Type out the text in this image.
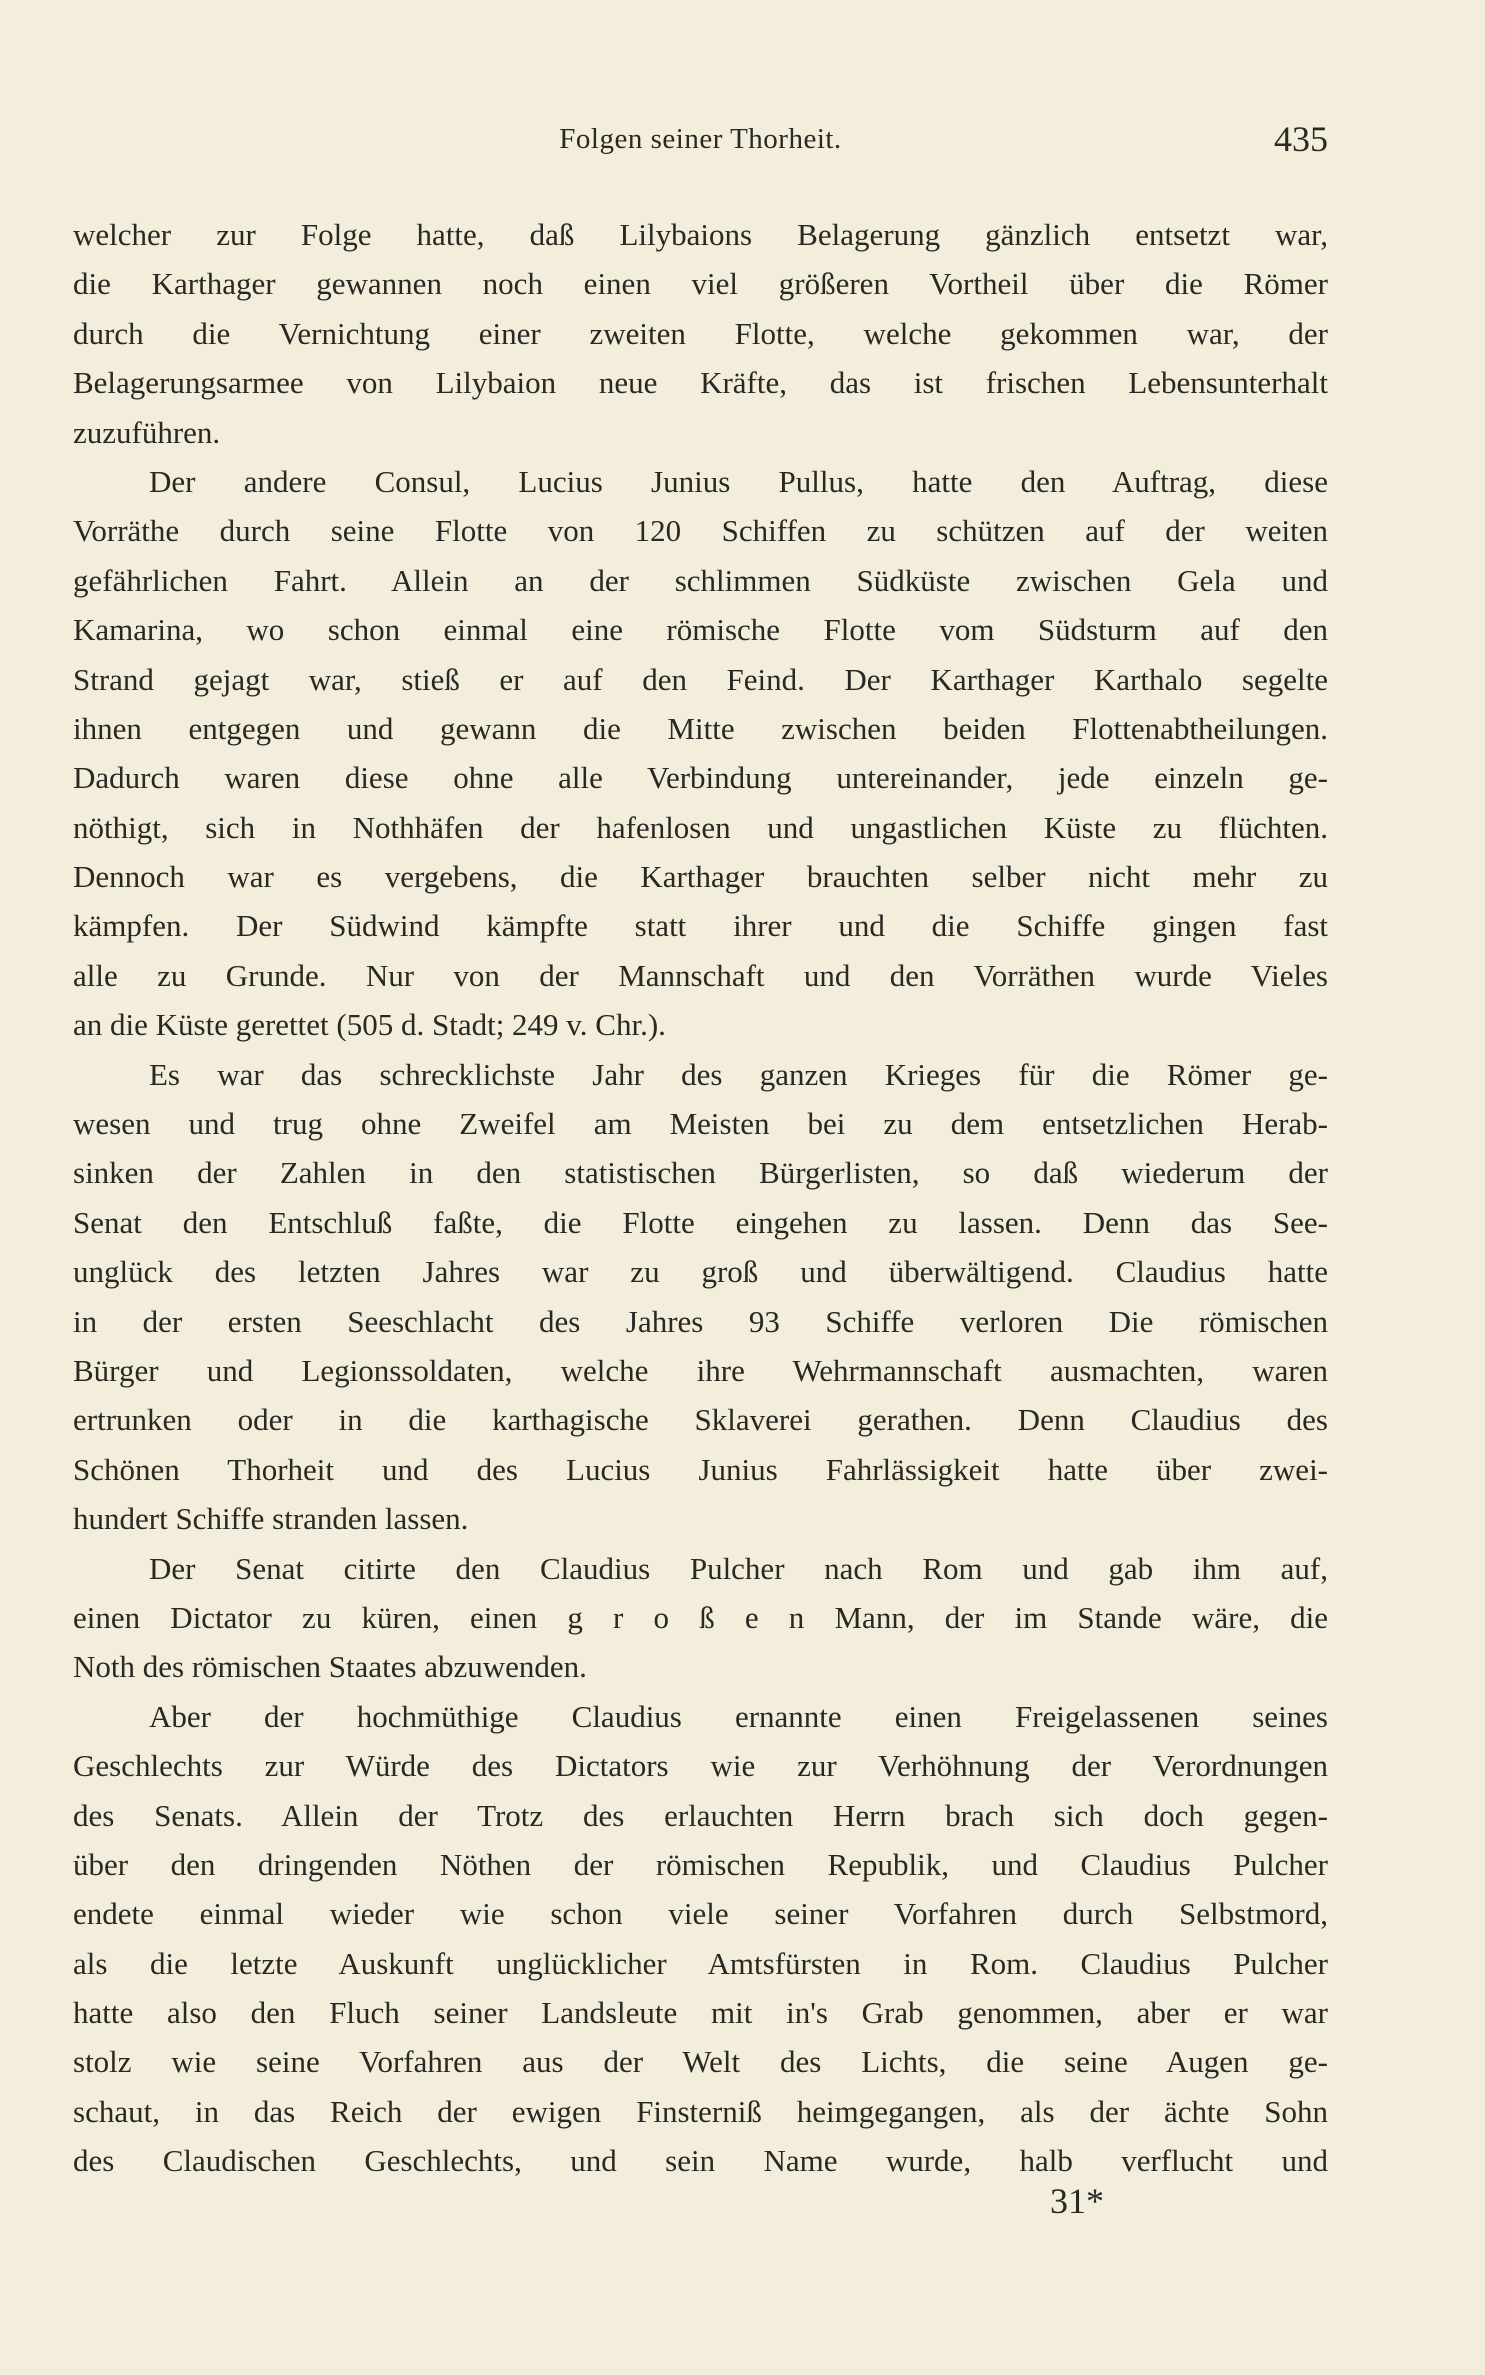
Folgen seiner Thorheit.	435
welcher zur Folge hatte, daß Lilybaions Belagerung gänzlich entsetzt war,
die Karthager gewannen noch einen viel größeren Vortheil über die Römer
durch die Vernichtung einer zweiten Flotte, welche gekommen war, der
Belagerungsarmee von Lilybaion neue Kräfte, das ist frischen Lebensunterhalt
zuzuführen.
Der andere Consul, Lucius Junius Pullus, hatte den Auftrag, diese
Vorräthe durch seine Flotte von 120 Schiffen zu schützen auf der weiten
gefährlichen Fahrt. Allein an der schlimmen Südküste zwischen Gela und
Kamarina, wo schon einmal eine römische Flotte vom Südsturm auf den
Strand gejagt war, stieß er auf den Feind. Der Karthager Karthalo segelte
ihnen entgegen und gewann die Mitte zwischen beiden Flottenabtheilungen.
Dadurch waren diese ohne alle Verbindung untereinander, jede einzeln ge-
nöthigt, sich in Nothhäfen der hafenlosen und ungastlichen Küste zu flüchten.
Dennoch war es vergebens, die Karthager brauchten selber nicht mehr zu
kämpfen. Der Südwind kämpfte statt ihrer und die Schiffe gingen fast
alle zu Grunde. Nur von der Mannschaft und den Vorräthen wurde Vieles
an die Küste gerettet (505 d. Stadt; 249 v. Chr.).
Es war das schrecklichste Jahr des ganzen Krieges für die Römer ge-
wesen und trug ohne Zweifel am Meisten bei zu dem entsetzlichen Herab-
sinken der Zahlen in den statistischen Bürgerlisten, so daß wiederum der
Senat den Entschluß faßte, die Flotte eingehen zu lassen. Denn das See-
unglück des letzten Jahres war zu groß und überwältigend. Claudius hatte
in der ersten Seeschlacht des Jahres 93 Schiffe verloren Die römischen
Bürger und Legionssoldaten, welche ihre Wehrmannschaft ausmachten, waren
ertrunken oder in die karthagische Sklaverei gerathen. Denn Claudius des
Schönen Thorheit und des Lucius Junius Fahrlässigkeit hatte über zwei-
hundert Schiffe stranden lassen.
Der Senat citirte den Claudius Pulcher nach Rom und gab ihm auf,
einen Dictator zu küren, einen g r o ß e n Mann, der im Stande wäre, die
Noth des römischen Staates abzuwenden.
Aber der hochmüthige Claudius ernannte einen Freigelassenen seines
Geschlechts zur Würde des Dictators wie zur Verhöhnung der Verordnungen
des Senats. Allein der Trotz des erlauchten Herrn brach sich doch gegen-
über den dringenden Nöthen der römischen Republik, und Claudius Pulcher
endete einmal wieder wie schon viele seiner Vorfahren durch Selbstmord,
als die letzte Auskunft unglücklicher Amtsfürsten in Rom. Claudius Pulcher
hatte also den Fluch seiner Landsleute mit in's Grab genommen, aber er war
stolz wie seine Vorfahren aus der Welt des Lichts, die seine Augen ge-
schaut, in das Reich der ewigen Finsterniß heimgegangen, als der ächte Sohn
des Claudischen Geschlechts, und sein Name wurde, halb verflucht und
31*
